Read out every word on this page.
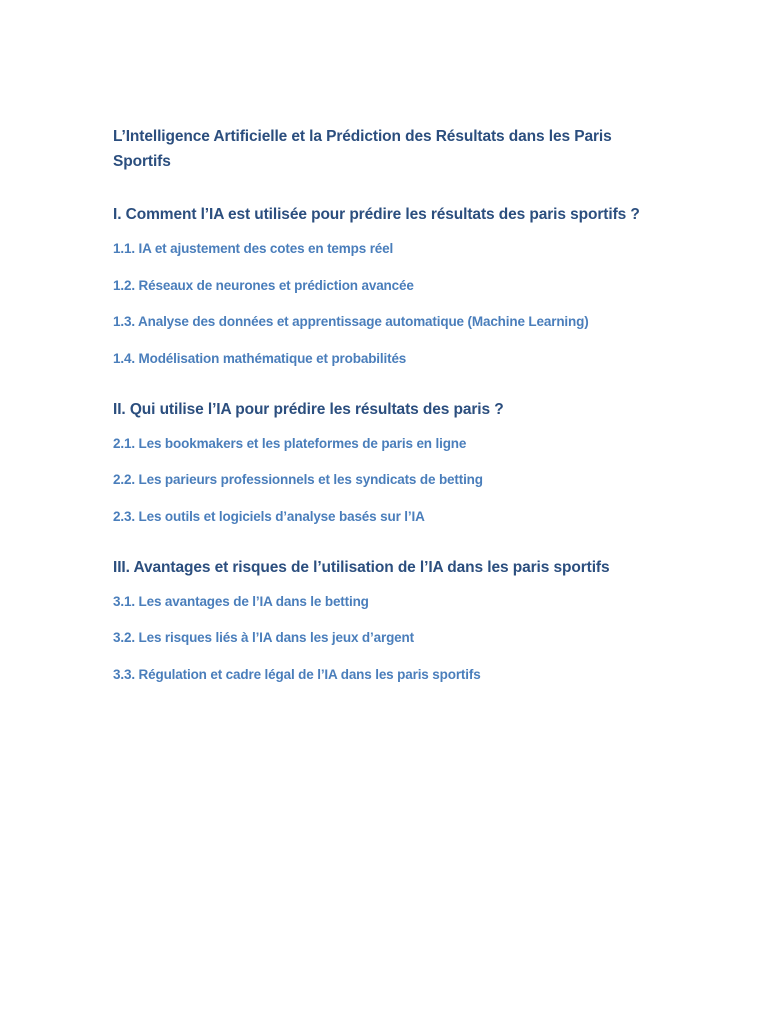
L’Intelligence Artificielle et la Prédiction des Résultats dans les Paris Sportifs
I. Comment l’IA est utilisée pour prédire les résultats des paris sportifs ?
1.1. IA et ajustement des cotes en temps réel
1.2. Réseaux de neurones et prédiction avancée
1.3. Analyse des données et apprentissage automatique (Machine Learning)
1.4. Modélisation mathématique et probabilités
II. Qui utilise l’IA pour prédire les résultats des paris ?
2.1. Les bookmakers et les plateformes de paris en ligne
2.2. Les parieurs professionnels et les syndicats de betting
2.3. Les outils et logiciels d’analyse basés sur l’IA
III. Avantages et risques de l’utilisation de l’IA dans les paris sportifs
3.1. Les avantages de l’IA dans le betting
3.2. Les risques liés à l’IA dans les jeux d’argent
3.3. Régulation et cadre légal de l’IA dans les paris sportifs
